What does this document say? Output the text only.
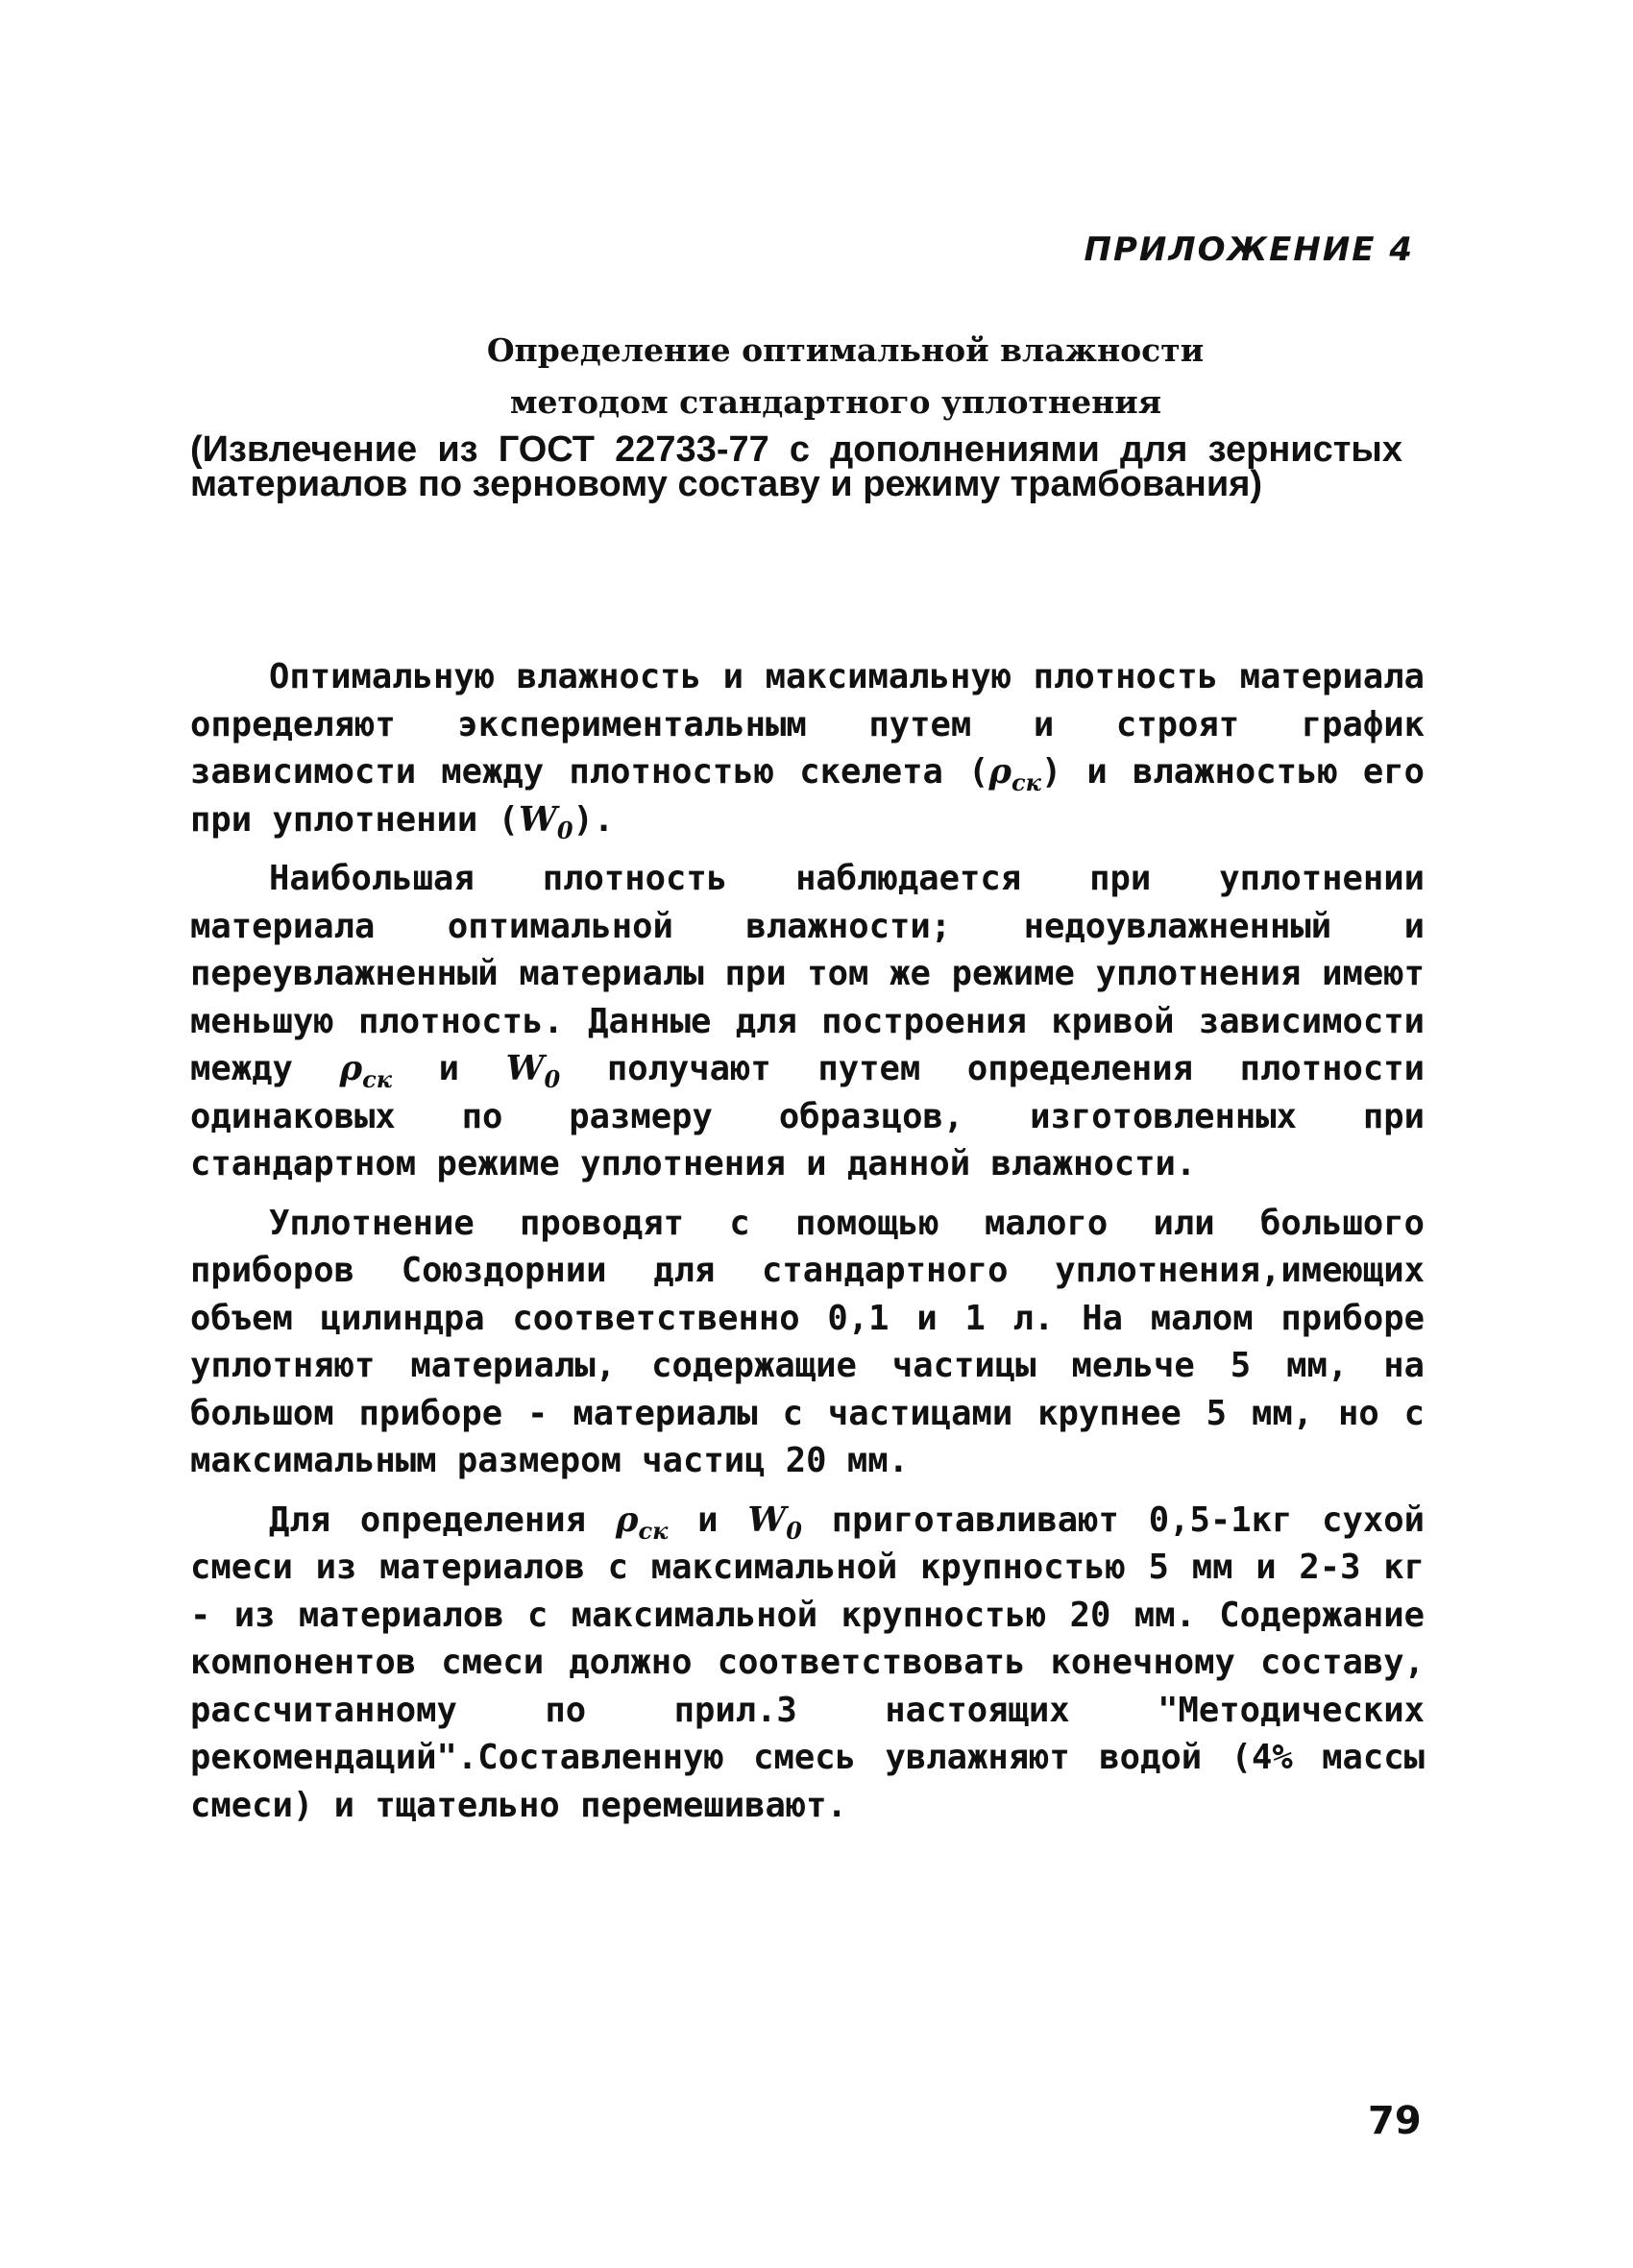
ПРИЛОЖЕНИЕ 4
Определение оптимальной влажности
методом стандартного уплотнения
(Извлечение из ГОСТ 22733-77 с дополнениями для зернистых материалов по зерновому составу и режиму трамбования)

Оптимальную влажность и максимальную плотность материала определяют экспериментальным путем и строят график зависимости между плотностью скелета $(\rho_{ск})$ и влажностью его при уплотнении $(W_0)$.

Наибольшая плотность наблюдается при уплотнении материала оптимальной влажности; недоувлажненный и переувлажненный материалы при том же режиме уплотнения имеют меньшую плотность. Данные для построения кривой зависимости между $\rho_{ск}$ и $W_0$ получают путем определения плотности одинаковых по размеру образцов, изготовленных при стандартном режиме уплотнения и данной влажности.

Уплотнение проводят с помощью малого или большого приборов Союздорнии для стандартного уплотнения,имеющих объем цилиндра соответственно 0,1 и 1 л. На малом приборе уплотняют материалы, содержащие частицы мельче 5 мм, на большом приборе - материалы с частицами крупнее 5 мм, но с максимальным размером частиц 20 мм.

Для определения $\rho_{ск}$ и $W_0$ приготавливают 0,5-1кг сухой смеси из материалов с максимальной крупностью 5 мм и 2-3 кг - из материалов с максимальной крупностью 20 мм. Содержание компонентов смеси должно соответствовать конечному составу, рассчитанному по прил.3 настоящих "Методических рекомендаций".Составленную смесь увлажняют водой (4% массы смеси) и тщательно перемешивают.

79
